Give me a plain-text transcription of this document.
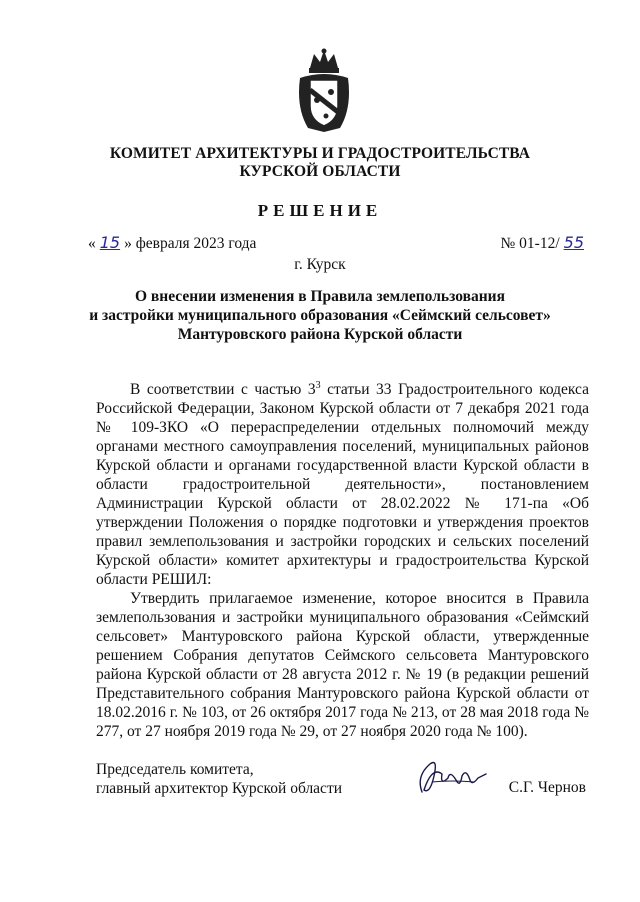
КОМИТЕТ АРХИТЕКТУРЫ И ГРАДОСТРОИТЕЛЬСТВА
КУРСКОЙ ОБЛАСТИ
РЕШЕНИЕ
« 15 » февраля 2023 года	№ 01-12/ 55
г. Курск
О внесении изменения в Правила землепользования
и застройки муниципального образования «Сеймский сельсовет»
Мантуровского района Курской области

В соответствии с частью $3^3$ статьи 33 Градостроительного кодекса Российской Федерации, Законом Курской области от 7 декабря 2021 года № 109-ЗКО «О перераспределении отдельных полномочий между органами местного самоуправления поселений, муниципальных районов Курской области и органами государственной власти Курской области в области градостроительной деятельности», постановлением Администрации Курской области от 28.02.2022 № 171-па «Об утверждении Положения о порядке подготовки и утверждения проектов правил землепользования и застройки городских и сельских поселений Курской области» комитет архитектуры и градостроительства Курской области РЕШИЛ:

Утвердить прилагаемое изменение, которое вносится в Правила землепользования и застройки муниципального образования «Сеймский сельсовет» Мантуровского района Курской области, утвержденные решением Собрания депутатов Сеймского сельсовета Мантуровского района Курской области от 28 августа 2012 г. № 19 (в редакции решений Представительного собрания Мантуровского района Курской области от 18.02.2016 г. № 103, от 26 октября 2017 года № 213, от 28 мая 2018 года № 277, от 27 ноября 2019 года № 29, от 27 ноября 2020 года № 100).

Председатель комитета,
главный архитектор Курской области	С.Г. Чернов
